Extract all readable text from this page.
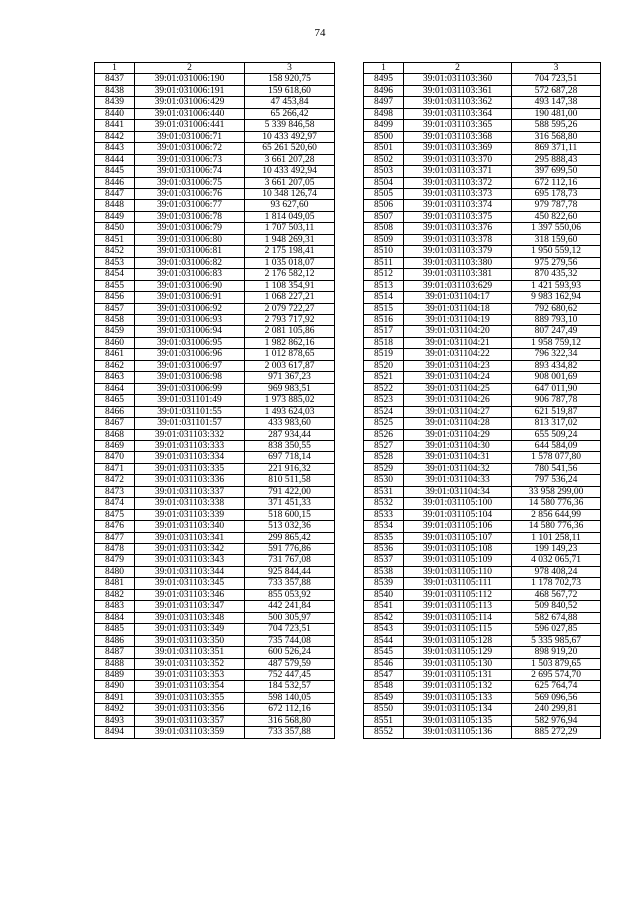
74
1	2	3
8437	39:01:031006:190	158 920,75
8438	39:01:031006:191	159 618,60
8439	39:01:031006:429	47 453,84
8440	39:01:031006:440	65 266,42
8441	39:01:031006:441	5 339 846,58
8442	39:01:031006:71	10 433 492,97
8443	39:01:031006:72	65 261 520,60
8444	39:01:031006:73	3 661 207,28
8445	39:01:031006:74	10 433 492,94
8446	39:01:031006:75	3 661 207,05
8447	39:01:031006:76	10 348 126,74
8448	39:01:031006:77	93 627,60
8449	39:01:031006:78	1 814 049,05
8450	39:01:031006:79	1 707 503,11
8451	39:01:031006:80	1 948 269,31
8452	39:01:031006:81	2 175 198,41
8453	39:01:031006:82	1 035 018,07
8454	39:01:031006:83	2 176 582,12
8455	39:01:031006:90	1 108 354,91
8456	39:01:031006:91	1 068 227,21
8457	39:01:031006:92	2 079 722,27
8458	39:01:031006:93	2 793 717,92
8459	39:01:031006:94	2 081 105,86
8460	39:01:031006:95	1 982 862,16
8461	39:01:031006:96	1 012 878,65
8462	39:01:031006:97	2 003 617,87
8463	39:01:031006:98	971 367,23
8464	39:01:031006:99	969 983,51
8465	39:01:031101:49	1 973 885,02
8466	39:01:031101:55	1 493 624,03
8467	39:01:031101:57	433 983,60
8468	39:01:031103:332	287 934,44
8469	39:01:031103:333	838 350,55
8470	39:01:031103:334	697 718,14
8471	39:01:031103:335	221 916,32
8472	39:01:031103:336	810 511,58
8473	39:01:031103:337	791 422,00
8474	39:01:031103:338	371 451,33
8475	39:01:031103:339	518 600,15
8476	39:01:031103:340	513 032,36
8477	39:01:031103:341	299 865,42
8478	39:01:031103:342	591 776,86
8479	39:01:031103:343	731 767,08
8480	39:01:031103:344	925 844,44
8481	39:01:031103:345	733 357,88
8482	39:01:031103:346	855 053,92
8483	39:01:031103:347	442 241,84
8484	39:01:031103:348	500 305,97
8485	39:01:031103:349	704 723,51
8486	39:01:031103:350	735 744,08
8487	39:01:031103:351	600 526,24
8488	39:01:031103:352	487 579,59
8489	39:01:031103:353	752 447,45
8490	39:01:031103:354	184 532,57
8491	39:01:031103:355	598 140,05
8492	39:01:031103:356	672 112,16
8493	39:01:031103:357	316 568,80
8494	39:01:031103:359	733 357,88
1	2	3
8495	39:01:031103:360	704 723,51
8496	39:01:031103:361	572 687,28
8497	39:01:031103:362	493 147,38
8498	39:01:031103:364	190 481,00
8499	39:01:031103:365	588 595,26
8500	39:01:031103:368	316 568,80
8501	39:01:031103:369	869 371,11
8502	39:01:031103:370	295 888,43
8503	39:01:031103:371	397 699,50
8504	39:01:031103:372	672 112,16
8505	39:01:031103:373	695 178,73
8506	39:01:031103:374	979 787,78
8507	39:01:031103:375	450 822,60
8508	39:01:031103:376	1 397 550,06
8509	39:01:031103:378	318 159,60
8510	39:01:031103:379	1 950 559,12
8511	39:01:031103:380	975 279,56
8512	39:01:031103:381	870 435,32
8513	39:01:031103:629	1 421 593,93
8514	39:01:031104:17	9 983 162,94
8515	39:01:031104:18	792 680,62
8516	39:01:031104:19	889 793,10
8517	39:01:031104:20	807 247,49
8518	39:01:031104:21	1 958 759,12
8519	39:01:031104:22	796 322,34
8520	39:01:031104:23	893 434,82
8521	39:01:031104:24	908 001,69
8522	39:01:031104:25	647 011,90
8523	39:01:031104:26	906 787,78
8524	39:01:031104:27	621 519,87
8525	39:01:031104:28	813 317,02
8526	39:01:031104:29	655 509,24
8527	39:01:031104:30	644 584,09
8528	39:01:031104:31	1 578 077,80
8529	39:01:031104:32	780 541,56
8530	39:01:031104:33	797 536,24
8531	39:01:031104:34	33 958 299,00
8532	39:01:031105:100	14 580 776,36
8533	39:01:031105:104	2 856 644,99
8534	39:01:031105:106	14 580 776,36
8535	39:01:031105:107	1 101 258,11
8536	39:01:031105:108	199 149,23
8537	39:01:031105:109	4 032 065,71
8538	39:01:031105:110	978 408,24
8539	39:01:031105:111	1 178 702,73
8540	39:01:031105:112	468 567,72
8541	39:01:031105:113	509 840,52
8542	39:01:031105:114	582 674,88
8543	39:01:031105:115	596 027,85
8544	39:01:031105:128	5 335 985,67
8545	39:01:031105:129	898 919,20
8546	39:01:031105:130	1 503 879,65
8547	39:01:031105:131	2 695 574,70
8548	39:01:031105:132	625 764,74
8549	39:01:031105:133	569 096,56
8550	39:01:031105:134	240 299,81
8551	39:01:031105:135	582 976,94
8552	39:01:031105:136	885 272,29
